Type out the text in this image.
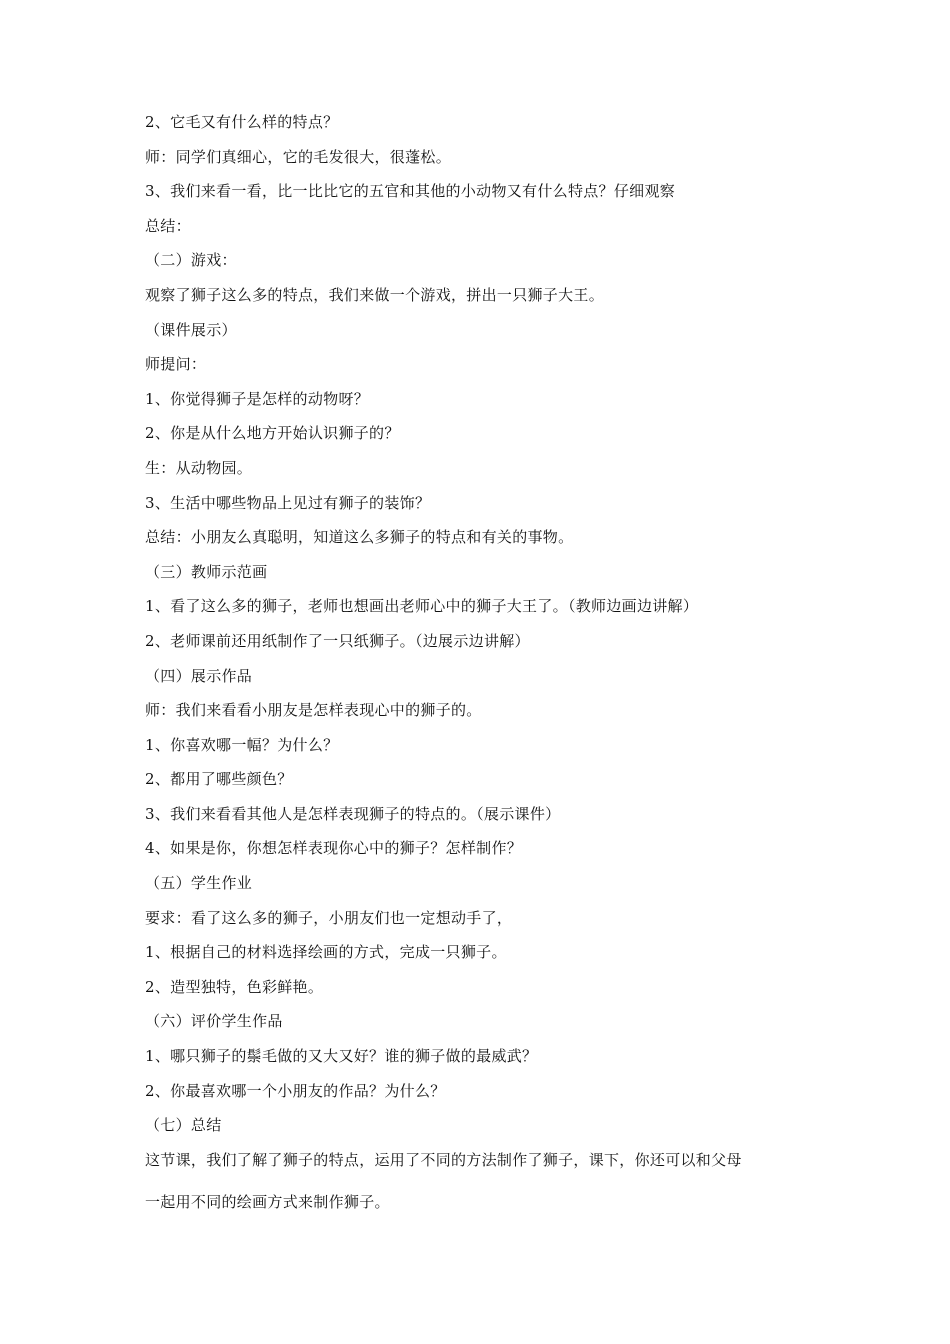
2、它毛又有什么样的特点？
师：同学们真细心，它的毛发很大，很蓬松。
3、我们来看一看，比一比比它的五官和其他的小动物又有什么特点？仔细观察
总结：
（二）游戏：
观察了狮子这么多的特点，我们来做一个游戏，拼出一只狮子大王。
（课件展示）
师提问：
1、你觉得狮子是怎样的动物呀？
2、你是从什么地方开始认识狮子的？
生：从动物园。
3、生活中哪些物品上见过有狮子的装饰？
总结：小朋友么真聪明，知道这么多狮子的特点和有关的事物。
（三）教师示范画
1、看了这么多的狮子，老师也想画出老师心中的狮子大王了。（教师边画边讲解）
2、老师课前还用纸制作了一只纸狮子。（边展示边讲解）
（四）展示作品
师：我们来看看小朋友是怎样表现心中的狮子的。
1、你喜欢哪一幅？为什么？
2、都用了哪些颜色？
3、我们来看看其他人是怎样表现狮子的特点的。（展示课件）
4、如果是你，你想怎样表现你心中的狮子？怎样制作？
（五）学生作业
要求：看了这么多的狮子，小朋友们也一定想动手了，
1、根据自己的材料选择绘画的方式，完成一只狮子。
2、造型独特，色彩鲜艳。
（六）评价学生作品
1、哪只狮子的鬃毛做的又大又好？谁的狮子做的最威武？
2、你最喜欢哪一个小朋友的作品？为什么？
（七）总结
这节课，我们了解了狮子的特点，运用了不同的方法制作了狮子，课下，你还可以和父母
一起用不同的绘画方式来制作狮子。
